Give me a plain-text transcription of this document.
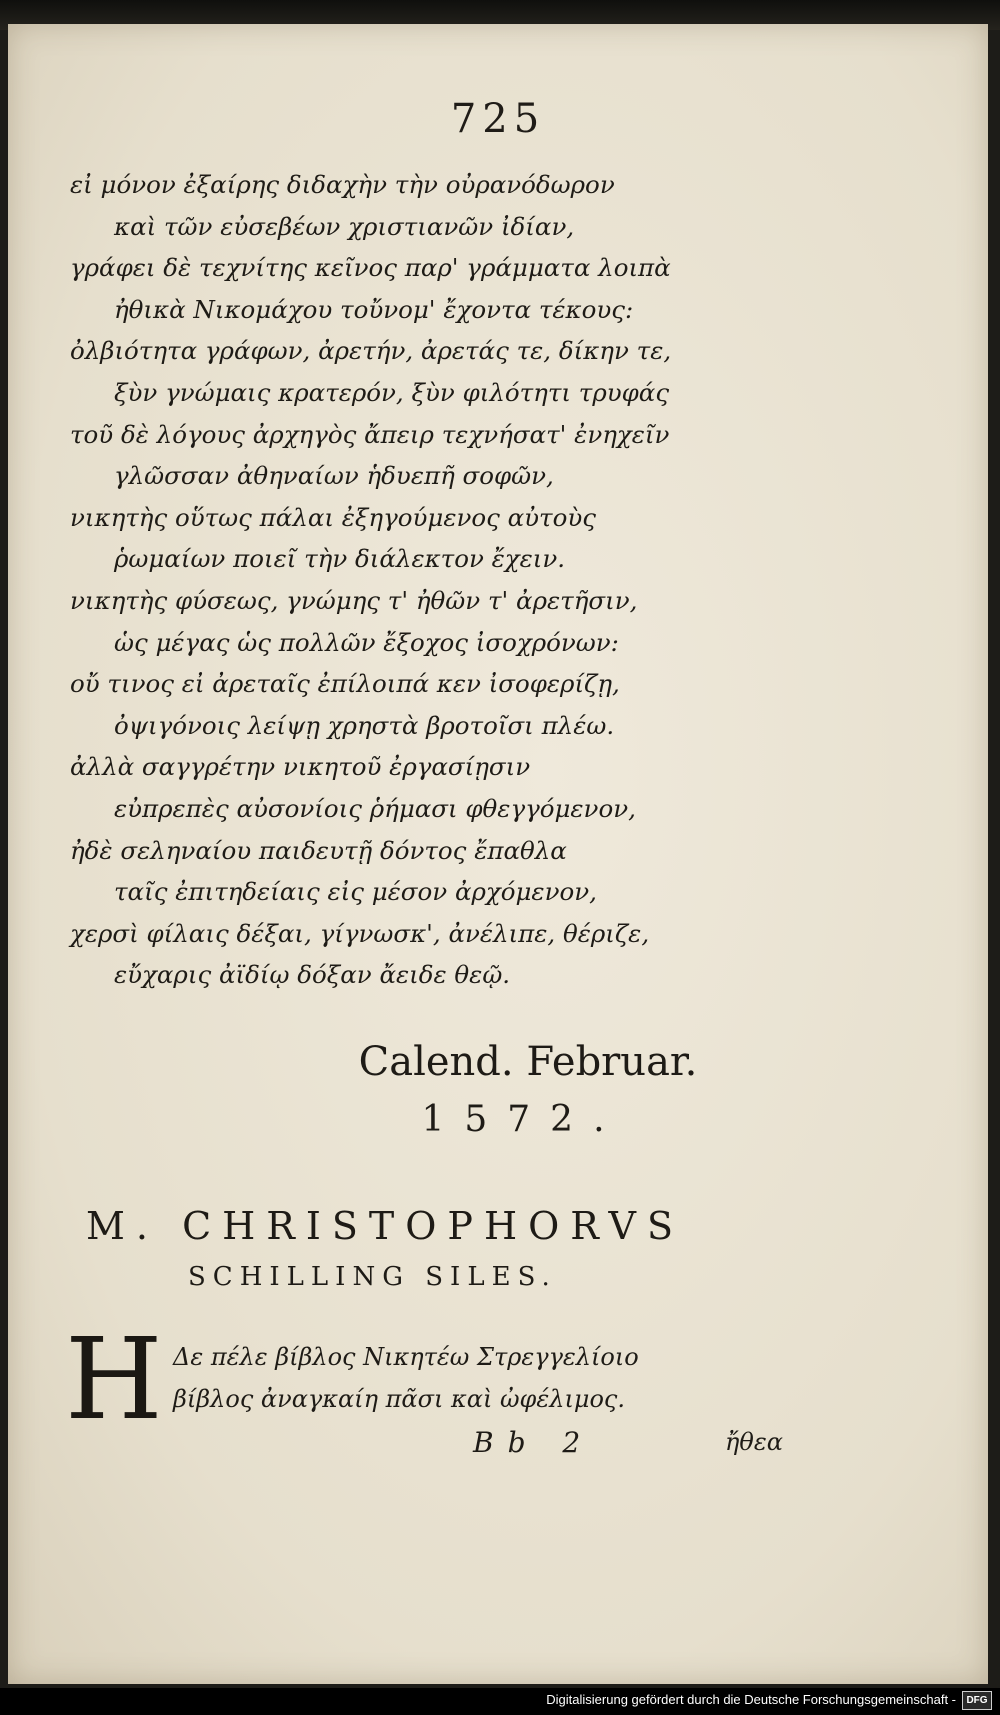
725
εἰ μόνον ἐξαίρης διδαχὴν τὴν οὐρανόδωρον
καὶ τῶν εὐσεβέων χριστιανῶν ἰδίαν,
γράφει δὲ τεχνίτης κεῖνος παρ' γράμματα λοιπὰ
ἠθικὰ Νικομάχου τοὔνομ' ἔχοντα τέκους:
ὀλβιότητα γράφων, ἀρετήν, ἀρετάς τε, δίκην τε,
ξὺν γνώμαις κρατερόν, ξὺν φιλότητι τρυφάς
τοῦ δὲ λόγους ἀρχηγὸς ἄπειρ τεχνήσατ' ἐνηχεῖν
γλῶσσαν ἀθηναίων ἡδυεπῆ σοφῶν,
νικητὴς οὕτως πάλαι ἐξηγούμενος αὐτοὺς
ῥωμαίων ποιεῖ τὴν διάλεκτον ἔχειν.
νικητὴς φύσεως, γνώμης τ' ἠθῶν τ' ἀρετῆσιν,
ὡς μέγας ὡς πολλῶν ἔξοχος ἰσοχρόνων:
οὔ τινος εἰ ἀρεταῖς ἐπίλοιπά κεν ἰσοφερίζῃ,
ὀψιγόνοις λείψῃ χρηστὰ βροτοῖσι πλέω.
ἀλλὰ σαγγρέτην νικητοῦ ἐργασίῃσιν
εὐπρεπὲς αὐσονίοις ῥήμασι φθεγγόμενον,
ἠδὲ σεληναίου παιδευτῇ δόντος ἔπαθλα
ταῖς ἐπιτηδείαις εἰς μέσον ἀρχόμενον,
χερσὶ φίλαις δέξαι, γίγνωσκ', ἀνέλιπε, θέριζε,
εὔχαρις ἀϊδίῳ δόξαν ἄειδε θεῷ.
Calend. Februar.
1572.
M. CHRISTOPHORVS
SCHILLING SILES.
H Δε πέλε βίβλος Νικητέω Στρεγγελίοιο
βίβλος ἀναγκαίη πᾶσι καὶ ὠφέλιμος.
Bb 2	ἤθεα
Digitalisierung gefördert durch die Deutsche Forschungsgemeinschaft -	DFG
